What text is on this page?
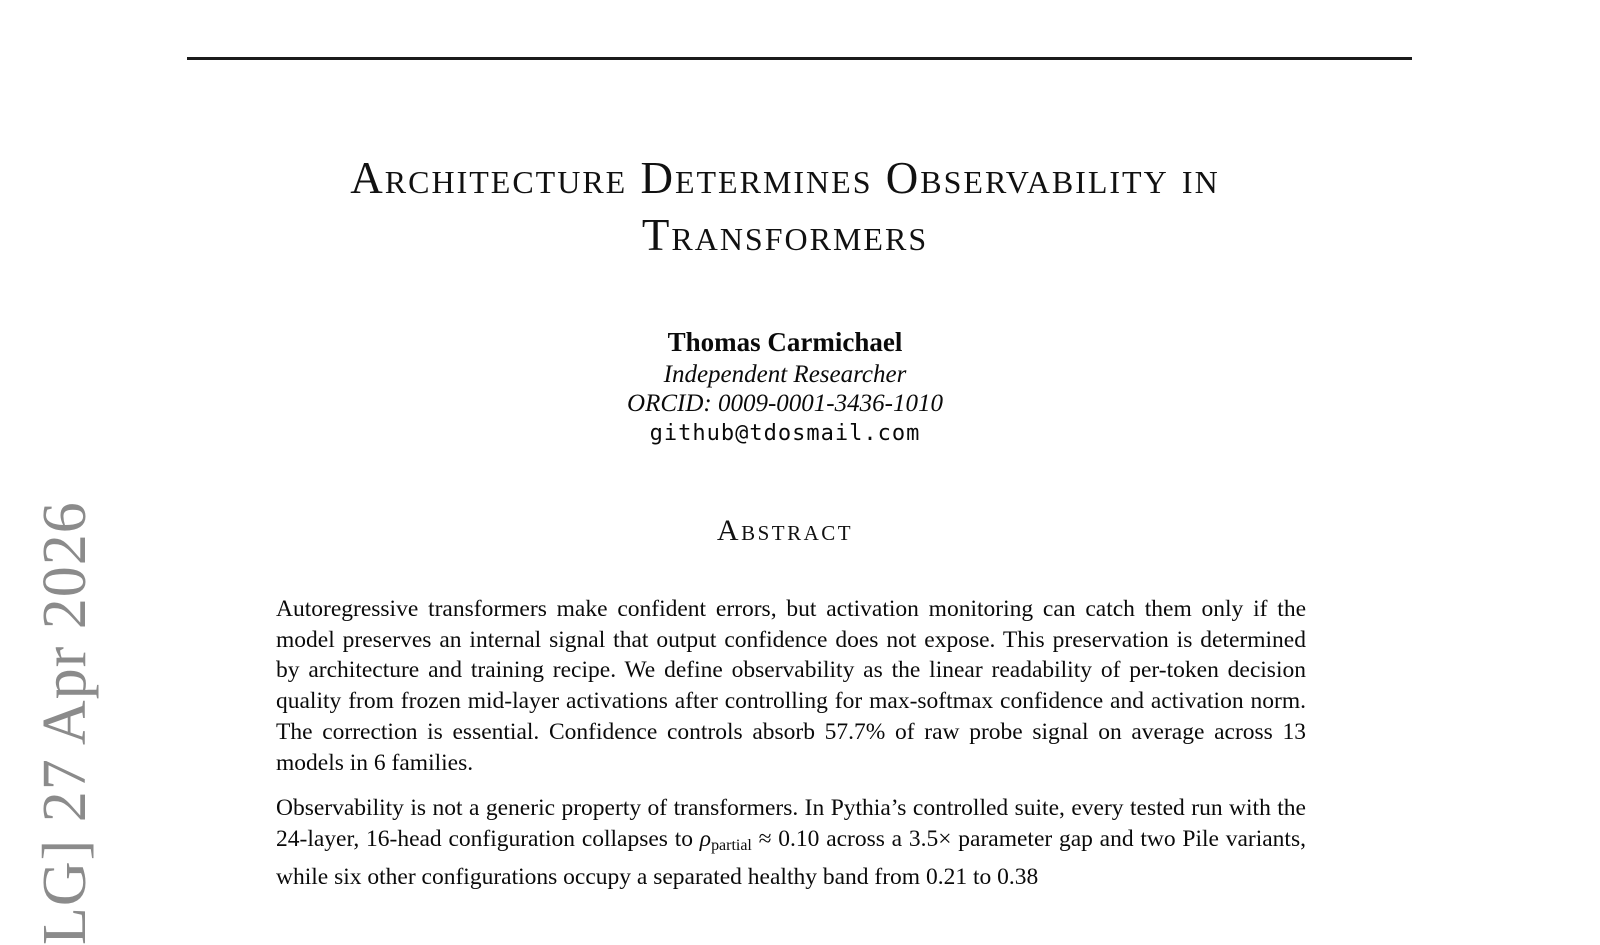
LG] 27 Apr 2026
Architecture Determines Observability in
Transformers
Thomas Carmichael
Independent Researcher
ORCID: 0009-0001-3436-1010
github@tdosmail.com
Abstract

Autoregressive transformers make confident errors, but activation monitoring can catch them only if the model preserves an internal signal that output confidence does not expose. This preservation is determined by architecture and training recipe. We define observability as the linear readability of per-token decision quality from frozen mid-layer activations after controlling for max-softmax confidence and activation norm. The correction is essential. Confidence controls absorb 57.7% of raw probe signal on average across 13 models in 6 families.

Observability is not a generic property of transformers. In Pythia’s controlled suite, every tested run with the 24-layer, 16-head configuration collapses to ρpartial ≈ 0.10 across a 3.5× parameter gap and two Pile variants, while six other configurations occupy a separated healthy band from 0.21 to 0.38
